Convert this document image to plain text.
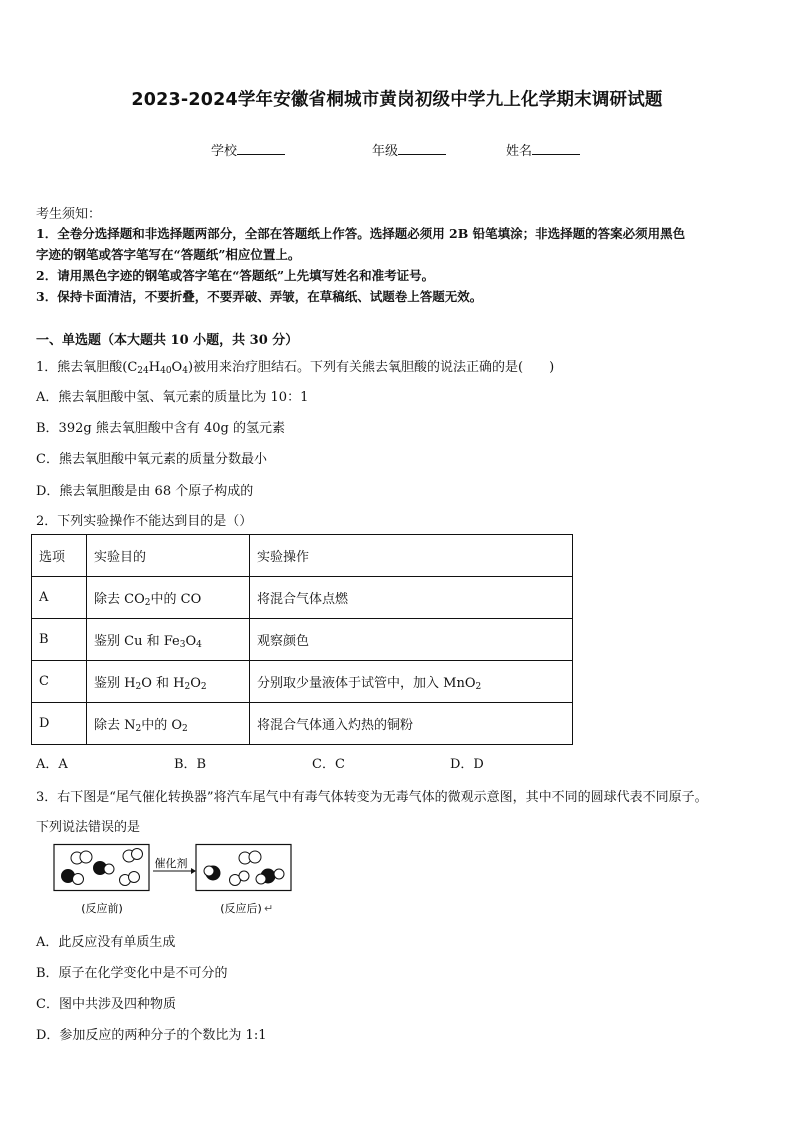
2023-2024学年安徽省桐城市黄岗初级中学九上化学期末调研试题
学校	年级	姓名
考生须知：
1．全卷分选择题和非选择题两部分，全部在答题纸上作答。选择题必须用 2B 铅笔填涂；非选择题的答案必须用黑色
字迹的钢笔或答字笔写在“答题纸”相应位置上。
2．请用黑色字迹的钢笔或答字笔在“答题纸”上先填写姓名和准考证号。
3．保持卡面清洁，不要折叠，不要弄破、弄皱，在草稿纸、试题卷上答题无效。
一、单选题（本大题共 10 小题，共 30 分）
1．熊去氧胆酸$(C_{24}H_{40}O_4)$被用来治疗胆结石。下列有关熊去氧胆酸的说法正确的是(　　)
A．熊去氧胆酸中氢、氧元素的质量比为 10：1
B．392g 熊去氧胆酸中含有 40g 的氢元素
C．熊去氧胆酸中氧元素的质量分数最小
D．熊去氧胆酸是由 68 个原子构成的
2．下列实验操作不能达到目的是（）
选项	实验目的	实验操作
A	除去 $CO_2$中的 CO	将混合气体点燃
B	鉴别 Cu 和 $Fe_3O_4$	观察颜色
C	鉴别 $H_2O$ 和 $H_2O_2$	分别取少量液体于试管中，加入 MnO$_2$
D	除去 $N_2$中的 $O_2$	将混合气体通入灼热的铜粉
A．A	B．B	C．C	D．D
3．右下图是“尾气催化转换器”将汽车尾气中有毒气体转变为无毒气体的微观示意图，其中不同的圆球代表不同原子。
下列说法错误的是
催化剂
(反应前)	(反应后) ↵
A．此反应没有单质生成
B．原子在化学变化中是不可分的
C．图中共涉及四种物质
D．参加反应的两种分子的个数比为 1:1
